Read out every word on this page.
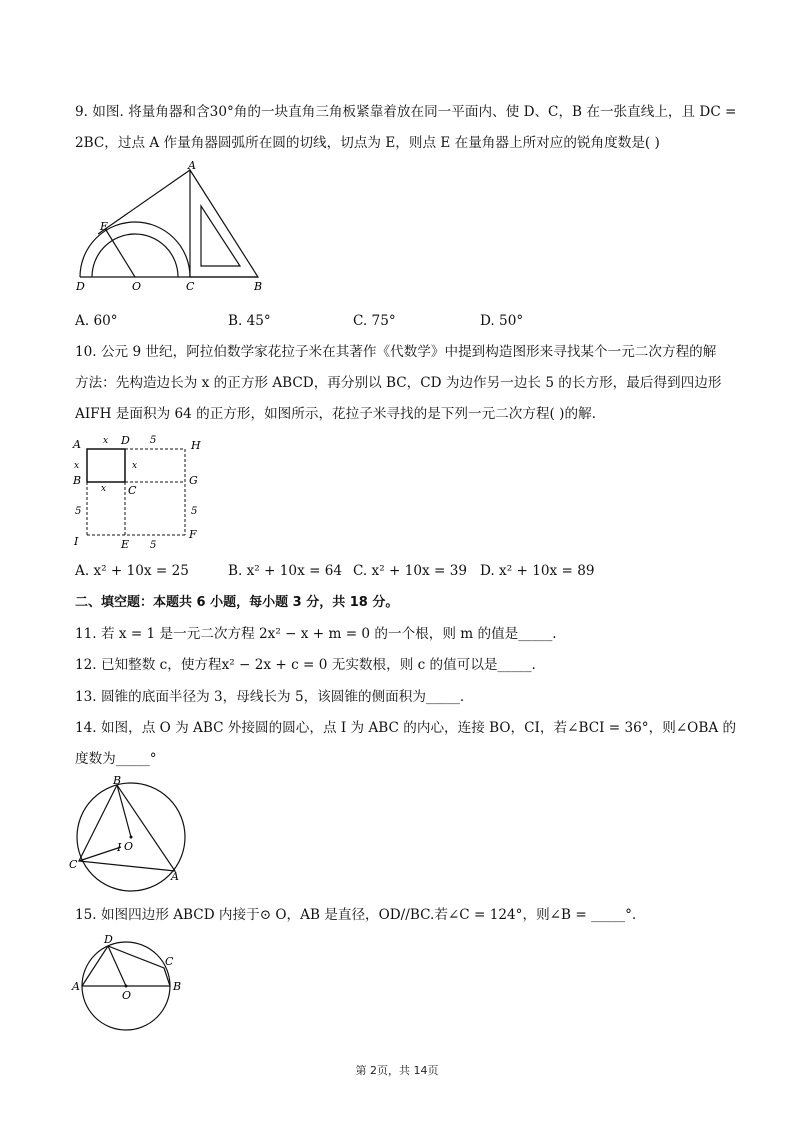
9. 如图. 将量角器和含30°角的一块直角三角板紧靠着放在同一平面内、使 D、C，B 在一张直线上，且 DC =
2BC，过点 A 作量角器圆弧所在圆的切线，切点为 E，则点 E 在量角器上所对应的锐角度数是( )
A
E
D	O	C	B
A. 60°	B. 45°	C. 75°	D. 50°
10. 公元 9 世纪，阿拉伯数学家花拉子米在其著作《代数学》中提到构造图形来寻找某个一元二次方程的解
方法：先构造边长为 x 的正方形 ABCD，再分别以 BC，CD 为边作另一边长 5 的长方形，最后得到四边形
AIFH 是面积为 64 的正方形，如图所示，花拉子米寻找的是下列一元二次方程( )的解.
A	D	H
B
C
G
I	E
F
x	5
x	x
x
5	5
5
A. x² + 10x = 25	B. x² + 10x = 64 C. x² + 10x = 39 D. x² + 10x = 89
二、填空题：本题共 6 小题，每小题 3 分，共 18 分。
11. 若 x = 1 是一元二次方程 2x² − x + m = 0 的一个根，则 m 的值是_____.
12. 已知整数 c，使方程x² − 2x + c = 0 无实数根，则 c 的值可以是_____.
13. 圆锥的底面半径为 3，母线长为 5，该圆锥的侧面积为_____.
14. 如图，点 O 为 ABC 外接圆的圆心，点 I 为 ABC 的内心，连接 BO，CI，若∠BCI = 36°，则∠OBA 的
度数为_____°
B
I O
C
A
15. 如图四边形 ABCD 内接于⊙ O，AB 是直径，OD//BC.若∠C = 124°，则∠B = _____°.
D
C
A
O
B
第 2页，共 14页
